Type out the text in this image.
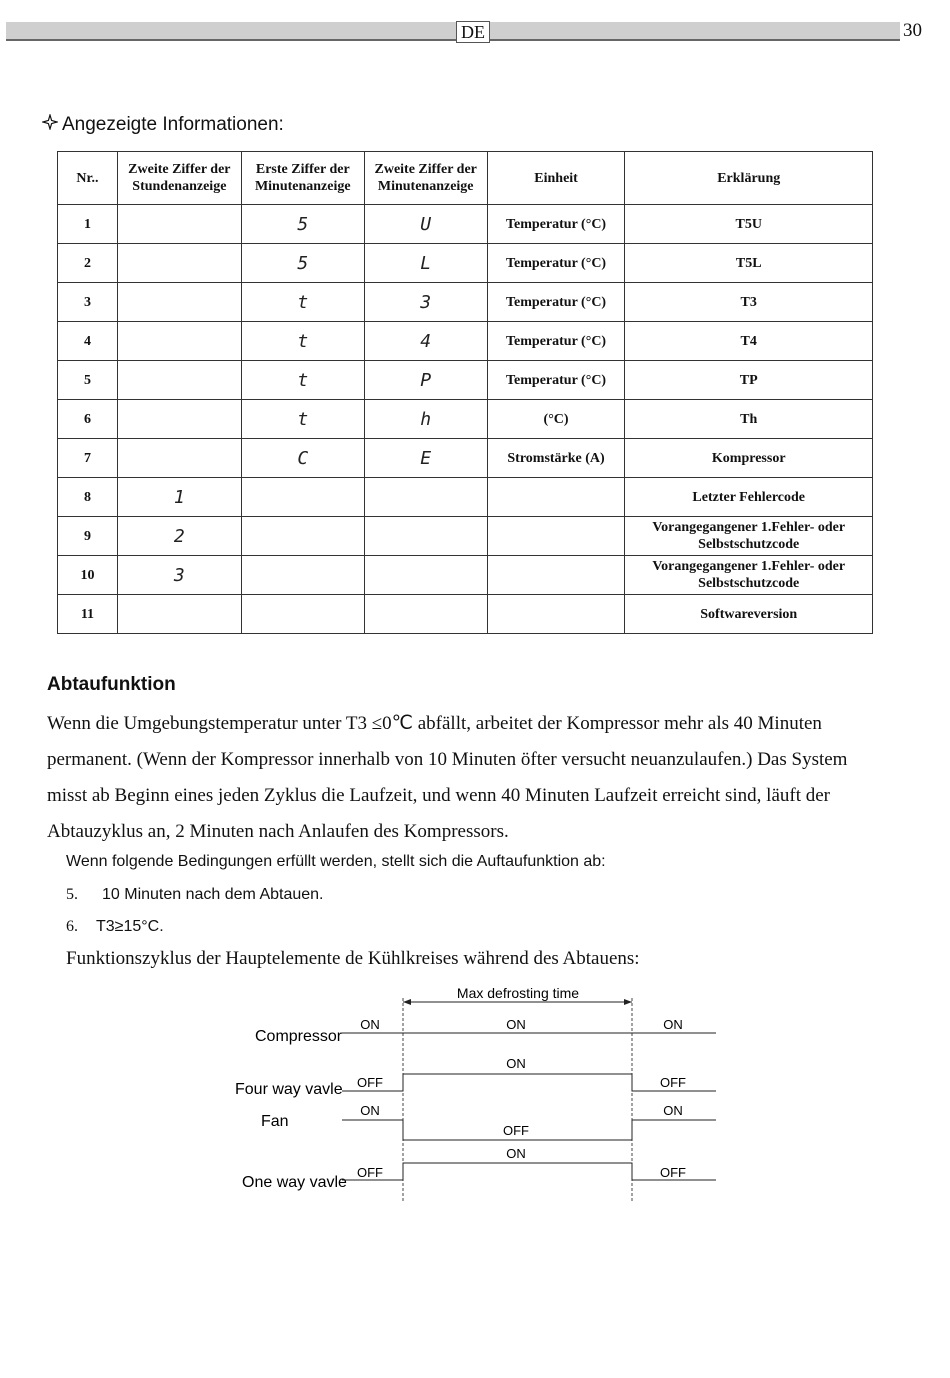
DE	30
Angezeigte Informationen:
Nr..	Zweite Ziffer der Stundenanzeige	Erste Ziffer der Minutenanzeige	Zweite Ziffer der Minutenanzeige	Einheit	Erklärung
1		5	U	Temperatur (°C)	T5U
2		5	L	Temperatur (°C)	T5L
3		t	3	Temperatur (°C)	T3
4		t	4	Temperatur (°C)	T4
5		t	P	Temperatur (°C)	TP
6		t	h	(°C)	Th
7		C	E	Stromstärke (A)	Kompressor
8	1				Letzter Fehlercode
9	2				Vorangegangener 1.Fehler- oder Selbstschutzcode
10	3				Vorangegangener 1.Fehler- oder Selbstschutzcode
11					Softwareversion
Abtaufunktion
Wenn die Umgebungstemperatur unter T3 ≤0℃ abfällt, arbeitet der Kompressor mehr als 40 Minuten
permanent. (Wenn der Kompressor innerhalb von 10 Minuten öfter versucht neuanzulaufen.) Das System
misst ab Beginn eines jeden Zyklus die Laufzeit, und wenn 40 Minuten Laufzeit erreicht sind, läuft der
Abtauzyklus an, 2 Minuten nach Anlaufen des Kompressors.
Wenn folgende Bedingungen erfüllt werden, stellt sich die Auftaufunktion ab:
5. 10 Minuten nach dem Abtauen.
6. T3≥15°C.
Funktionszyklus der Hauptelemente de Kühlkreises während des Abtauens:
Max defrosting time
Compressor
ON	ON	ON
Four way vavle OFF
ON
OFF
Fan
ON
OFF
ON
One way vavle
OFF
ON
OFF
